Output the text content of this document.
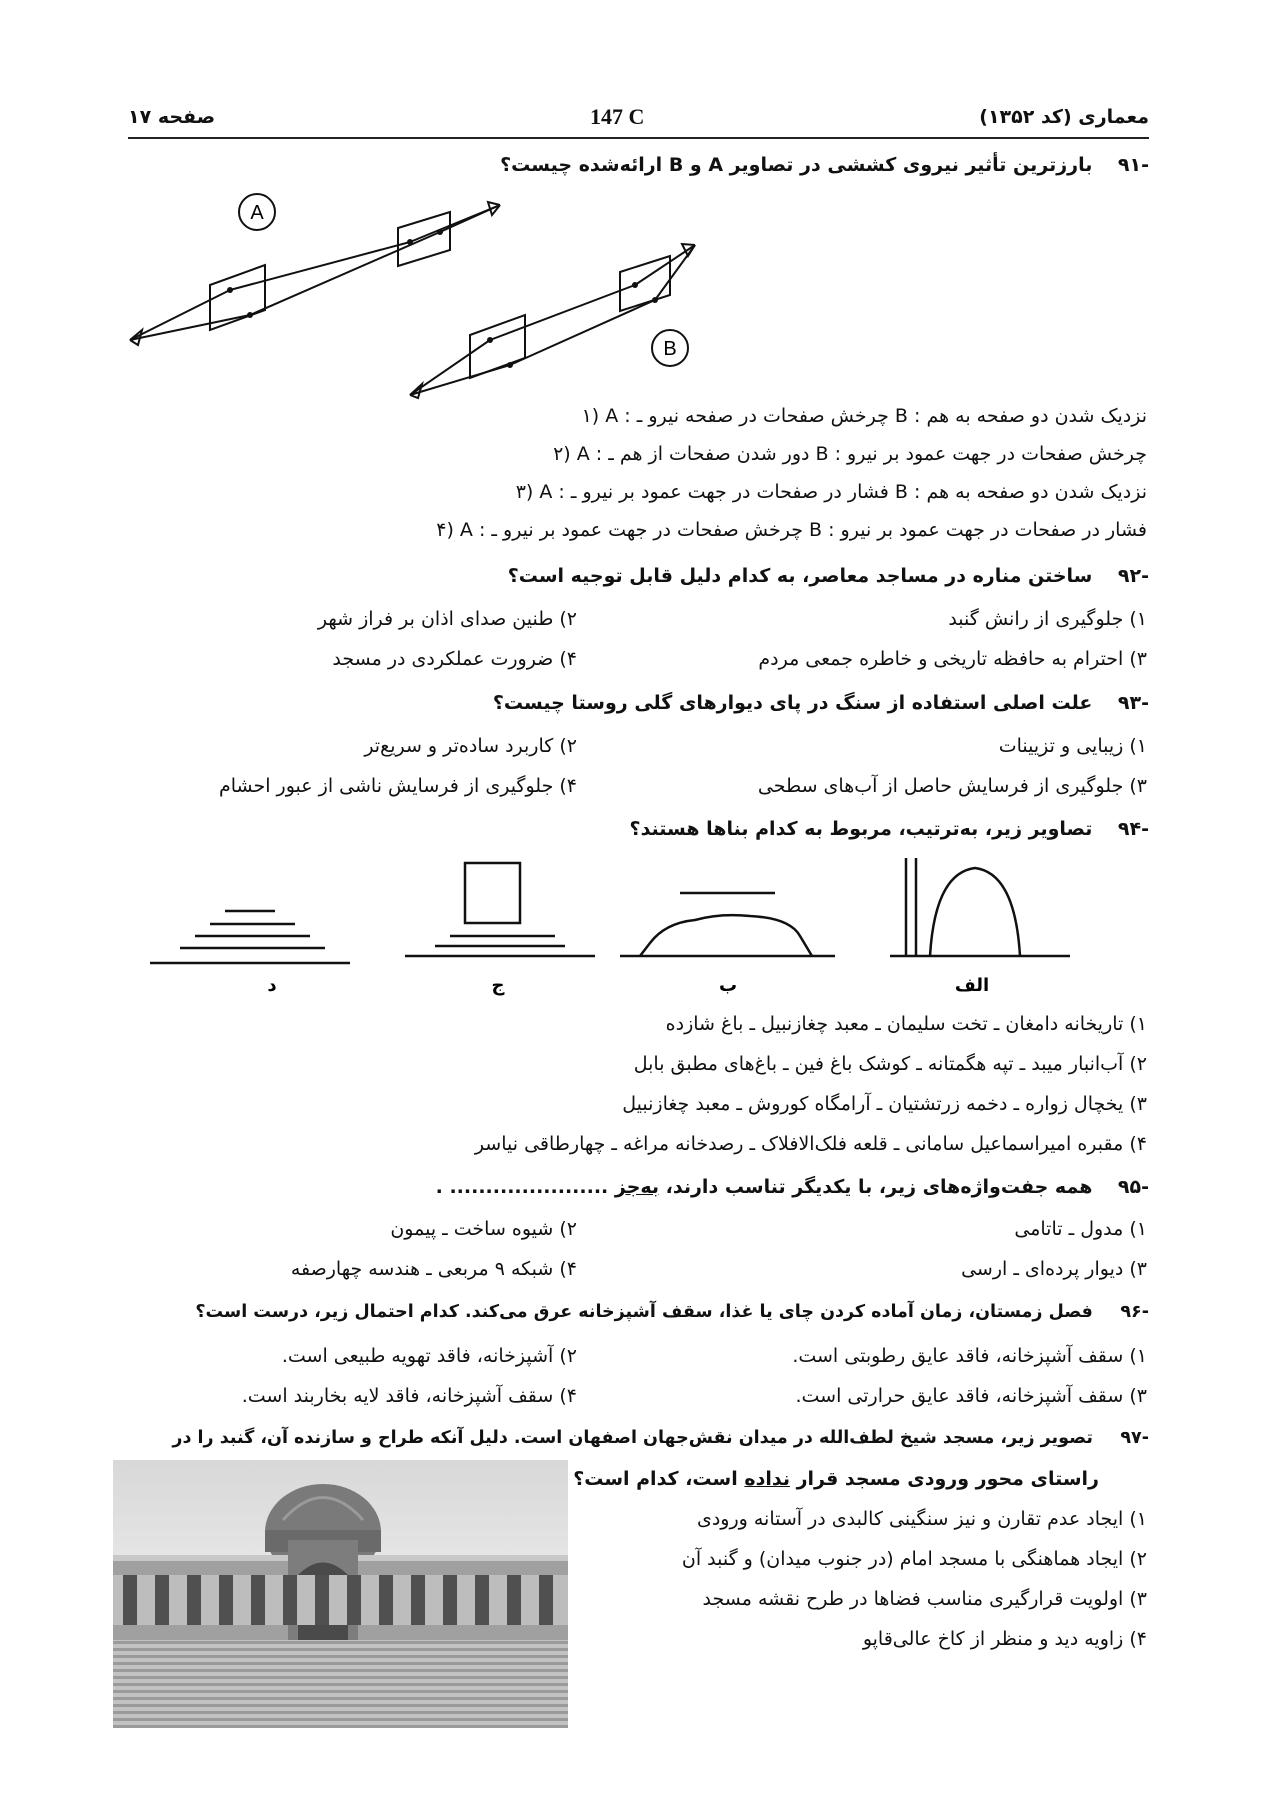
معماری (کد ۱۳۵۲)
147 C
صفحه ۱۷
-۹۱ بارزترین تأثیر نیروی کششی در تصاویر A و B ارائه‌شده چیست؟
A
B
۱) A : چرخش صفحات در صفحه نیرو ـ B : نزدیک شدن دو صفحه به هم
۲) A : دور شدن صفحات از هم ـ B : چرخش صفحات در جهت عمود بر نیرو
۳) A : فشار در صفحات در جهت عمود بر نیرو ـ B : نزدیک شدن دو صفحه به هم
۴) A : چرخش صفحات در جهت عمود بر نیرو ـ B : فشار در صفحات در جهت عمود بر نیرو
-۹۲ ساختن مناره در مساجد معاصر، به کدام دلیل قابل توجیه است؟
۱) جلوگیری از رانش گنبد
۲) طنین صدای اذان بر فراز شهر
۳) احترام به حافظه تاریخی و خاطره جمعی مردم
۴) ضرورت عملکردی در مسجد
-۹۳ علت اصلی استفاده از سنگ در پای دیوارهای گلی روستا چیست؟
۱) زیبایی و تزیینات
۲) کاربرد ساده‌تر و سریع‌تر
۳) جلوگیری از فرسایش حاصل از آب‌های سطحی
۴) جلوگیری از فرسایش ناشی از عبور احشام
-۹۴ تصاویر زیر، به‌ترتیب، مربوط به کدام بناها هستند؟
د	ج	ب	الف
۱) تاریخانه دامغان ـ تخت سلیمان ـ معبد چغازنبیل ـ باغ شازده
۲) آب‌انبار میبد ـ تپه هگمتانه ـ کوشک باغ فین ـ باغ‌های مطبق بابل
۳) یخچال زواره ـ دخمه زرتشتیان ـ آرامگاه کوروش ـ معبد چغازنبیل
۴) مقبره امیراسماعیل سامانی ـ قلعه فلک‌الافلاک ـ رصدخانه مراغه ـ چهارطاقی نیاسر
-۹۵ همه جفت‌واژه‌های زیر، با یکدیگر تناسب دارند، به‌جز ...................... .
۱) مدول ـ تاتامی
۲) شیوه ساخت ـ پیمون
۳) دیوار پرده‌ای ـ ارسی
۴) شبکه ۹ مربعی ـ هندسه چهارصفه
-۹۶ فصل زمستان، زمان آماده کردن چای یا غذا، سقف آشپزخانه عرق می‌کند. کدام احتمال زیر، درست است؟
۱) سقف آشپزخانه، فاقد عایق رطوبتی است.
۲) آشپزخانه، فاقد تهویه طبیعی است.
۳) سقف آشپزخانه، فاقد عایق حرارتی است.
۴) سقف آشپزخانه، فاقد لایه بخاربند است.
-۹۷ تصویر زیر، مسجد شیخ لطف‌الله در میدان نقش‌جهان اصفهان است. دلیل آنکه طراح و سازنده آن، گنبد را در
راستای محور ورودی مسجد قرار نداده است، کدام است؟
۱) ایجاد عدم تقارن و نیز سنگینی کالبدی در آستانه ورودی
۲) ایجاد هماهنگی با مسجد امام (در جنوب میدان) و گنبد آن
۳) اولویت قرارگیری مناسب فضاها در طرح نقشه مسجد
۴) زاویه دید و منظر از کاخ عالی‌قاپو
